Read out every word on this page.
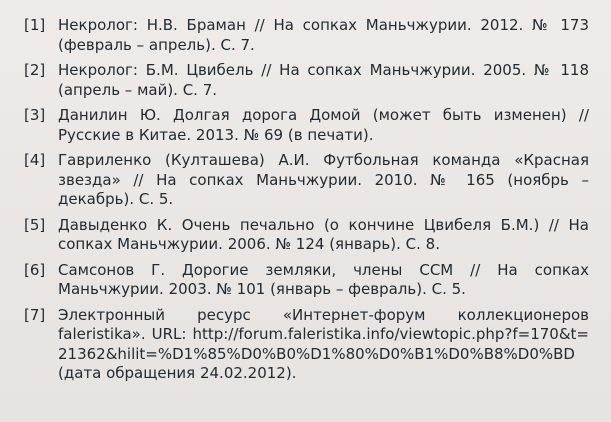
[1] Некролог: Н.В. Браман // На сопках Маньчжурии. 2012. № 173 (февраль – апрель). С. 7.
[2] Некролог: Б.М. Цвибель // На сопках Маньчжурии. 2005. № 118 (апрель – май). С. 7.
[3] Данилин Ю. Долгая дорога Домой (может быть изменен) // Русские в Китае. 2013. № 69 (в печати).
[4] Гавриленко (Култашева) А.И. Футбольная команда «Красная звезда» // На сопках Маньчжурии. 2010. № 165 (ноябрь – декабрь). С. 5.
[5] Давыденко К. Очень печально (о кончине Цвибеля Б.М.) // На сопках Маньчжурии. 2006. № 124 (январь). С. 8.
[6] Самсонов Г. Дорогие земляки, члены ССМ // На сопках Маньчжурии. 2003. № 101 (январь – февраль). С. 5.
[7] Электронный ресурс «Интернет-форум коллекционеров faleristika». URL: http://forum.faleristika.info/viewtopic.php?f=170&t=21362&hilit=%D1%85%D0%B0%D1%80%D0%B1%D0%B8%D0%BD (дата обращения 24.02.2012).
